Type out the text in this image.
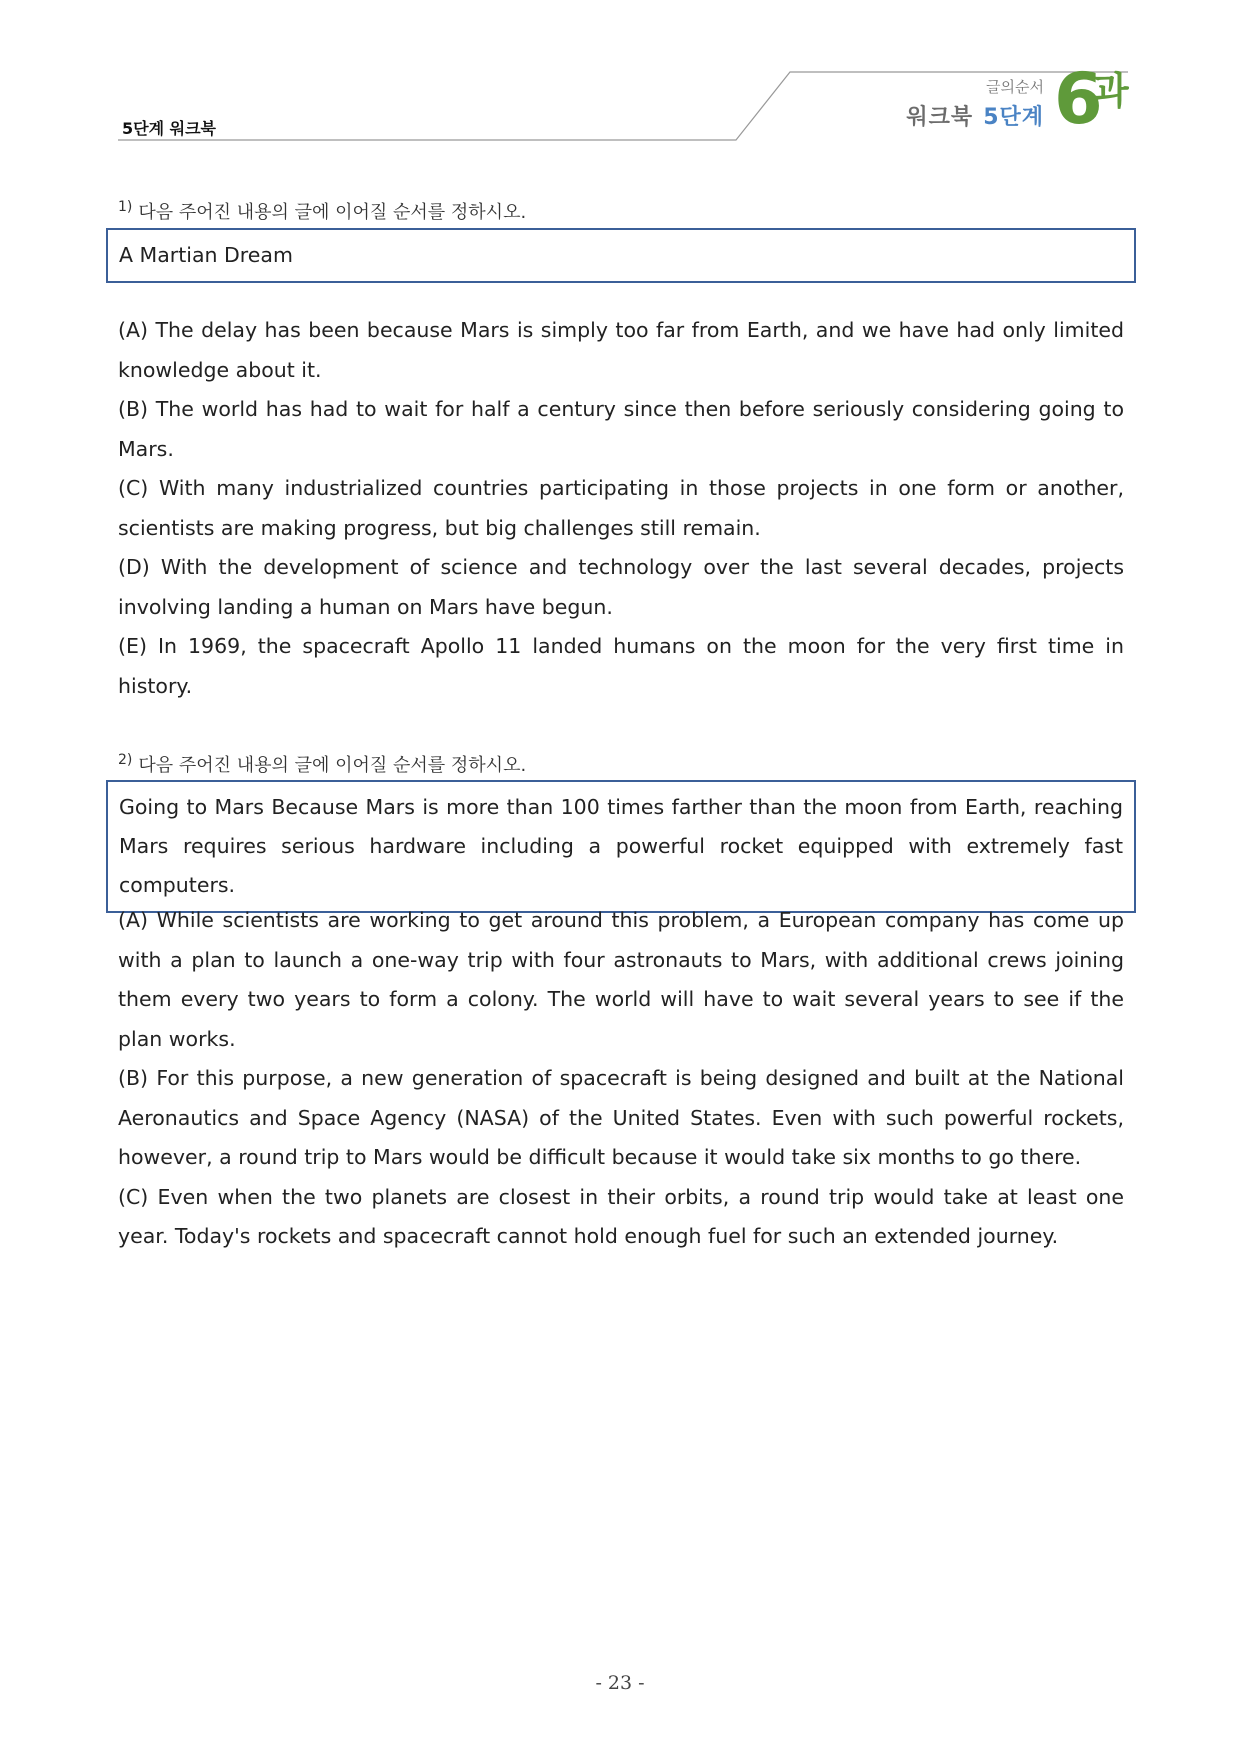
5단계 워크북
글의순서
워크북 5단계 6
과
$^{1)}$ 다음 주어진 내용의 글에 이어질 순서를 정하시오.
A Martian Dream

(A) The delay has been because Mars is simply too far from Earth, and we have had only limited knowledge about it.

(B) The world has had to wait for half a century since then before seriously considering going to Mars.

(C) With many industrialized countries participating in those projects in one form or another, scientists are making progress, but big challenges still remain.

(D) With the development of science and technology over the last several decades, projects involving landing a human on Mars have begun.

(E) In 1969, the spacecraft Apollo 11 landed humans on the moon for the very first time in history.

$^{2)}$ 다음 주어진 내용의 글에 이어질 순서를 정하시오.
Going to Mars Because Mars is more than 100 times farther than the moon from Earth, reaching Mars requires serious hardware including a powerful rocket equipped with extremely fast computers.

(A) While scientists are working to get around this problem, a European company has come up with a plan to launch a one-way trip with four astronauts to Mars, with additional crews joining them every two years to form a colony. The world will have to wait several years to see if the plan works.

(B) For this purpose, a new generation of spacecraft is being designed and built at the National Aeronautics and Space Agency (NASA) of the United States. Even with such powerful rockets, however, a round trip to Mars would be difficult because it would take six months to go there.

(C) Even when the two planets are closest in their orbits, a round trip would take at least one year. Today's rockets and spacecraft cannot hold enough fuel for such an extended journey.

- 23 -
